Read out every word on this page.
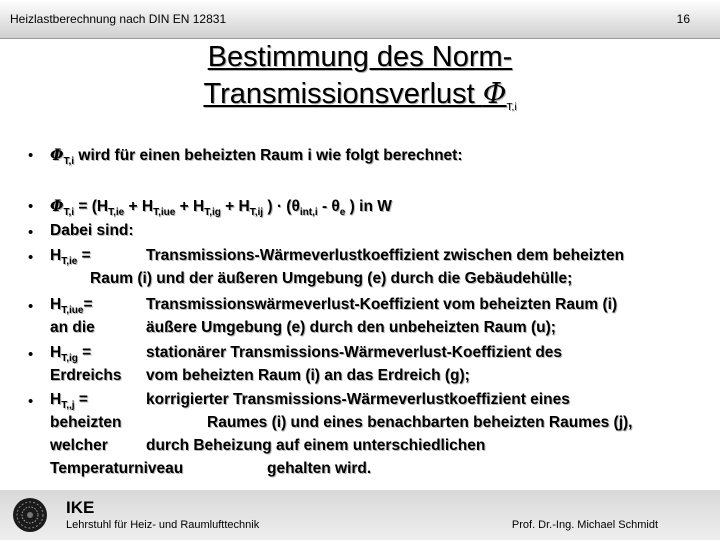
Heizlastberechnung nach DIN EN 12831	16
Bestimmung des Norm-
Transmissionsverlust $\Phi_{T,i}$
• $\Phi_{T,i}$ wird für einen beheizten Raum i wie folgt berechnet:
• $\Phi_{T,i} = (H_{T,ie} + H_{T,iue} + H_{T,ig} + H_{T,ij}$ ) · ($\theta_{int,i} - \theta_e$ ) in W
• Dabei sind:
• $H_{T,ie}$ =	Transmissions-Wärmeverlustkoeffizient zwischen dem beheizten
Raum (i) und der äußeren Umgebung (e) durch die Gebäudehülle;
• $H_{T,iue}=$	Transmissionswärmeverlust-Koeffizient vom beheizten Raum (i)
an die	äußere Umgebung (e) durch den unbeheizten Raum (u);
• $H_{T,ig}$ =	stationärer Transmissions-Wärmeverlust-Koeffizient des
Erdreichs vom beheizten Raum (i) an das Erdreich (g);
• $H_{T,,j}$ =	korrigierter Transmissions-Wärmeverlustkoeffizient eines
beheizten	Raumes (i) und eines benachbarten beheizten Raumes (j),
welcher durch Beheizung auf einem unterschiedlichen
Temperaturniveau	gehalten wird.
IKE
Lehrstuhl für Heiz- und Raumlufttechnik	Prof. Dr.-Ing. Michael Schmidt
